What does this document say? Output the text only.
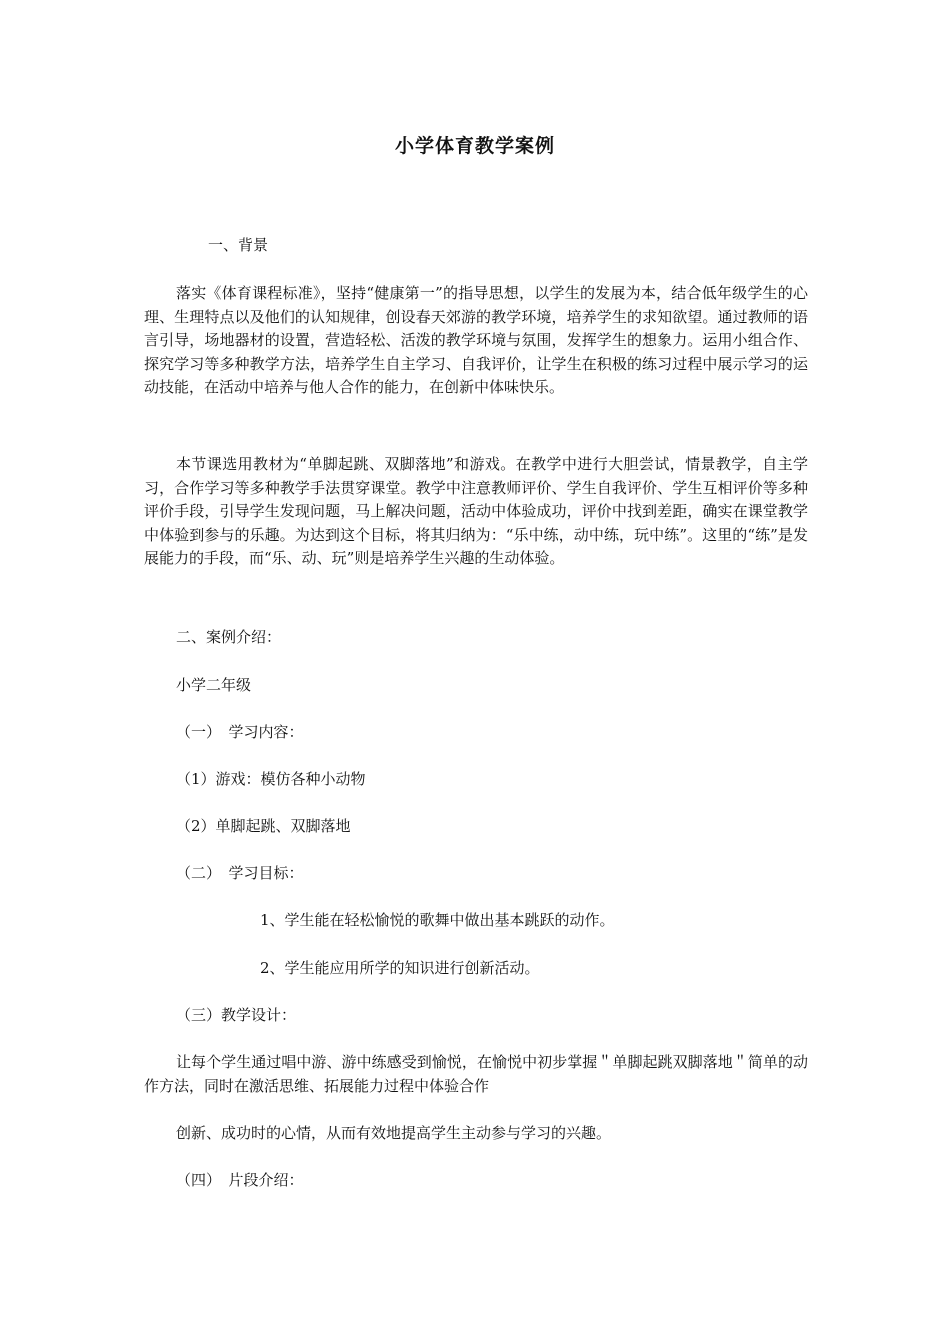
小学体育教学案例
一、背景
落实《体育课程标准》，坚持“健康第一”的指导思想，以学生的发展为本，结合低年级学生的心理、生理特点以及他们的认知规律，创设春天郊游的教学环境，培养学生的求知欲望。通过教师的语言引导，场地器材的设置，营造轻松、活泼的教学环境与氛围，发挥学生的想象力。运用小组合作、探究学习等多种教学方法，培养学生自主学习、自我评价，让学生在积极的练习过程中展示学习的运动技能，在活动中培养与他人合作的能力，在创新中体味快乐。
本节课选用教材为“单脚起跳、双脚落地”和游戏。在教学中进行大胆尝试，情景教学，自主学习，合作学习等多种教学手法贯穿课堂。教学中注意教师评价、学生自我评价、学生互相评价等多种评价手段，引导学生发现问题，马上解决问题，活动中体验成功，评价中找到差距，确实在课堂教学中体验到参与的乐趣。为达到这个目标，将其归纳为：“乐中练，动中练，玩中练”。这里的“练”是发展能力的手段，而“乐、动、玩”则是培养学生兴趣的生动体验。
二、案例介绍：
小学二年级
（一）　学习内容：
（1）游戏：模仿各种小动物
（2）单脚起跳、双脚落地
（二）　学习目标：
1、学生能在轻松愉悦的歌舞中做出基本跳跃的动作。
2、学生能应用所学的知识进行创新活动。
（三）教学设计：
让每个学生通过唱中游、游中练感受到愉悦，在愉悦中初步掌握＂单脚起跳双脚落地＂简单的动作方法，同时在激活思维、拓展能力过程中体验合作
创新、成功时的心情，从而有效地提高学生主动参与学习的兴趣。
（四）　片段介绍：
